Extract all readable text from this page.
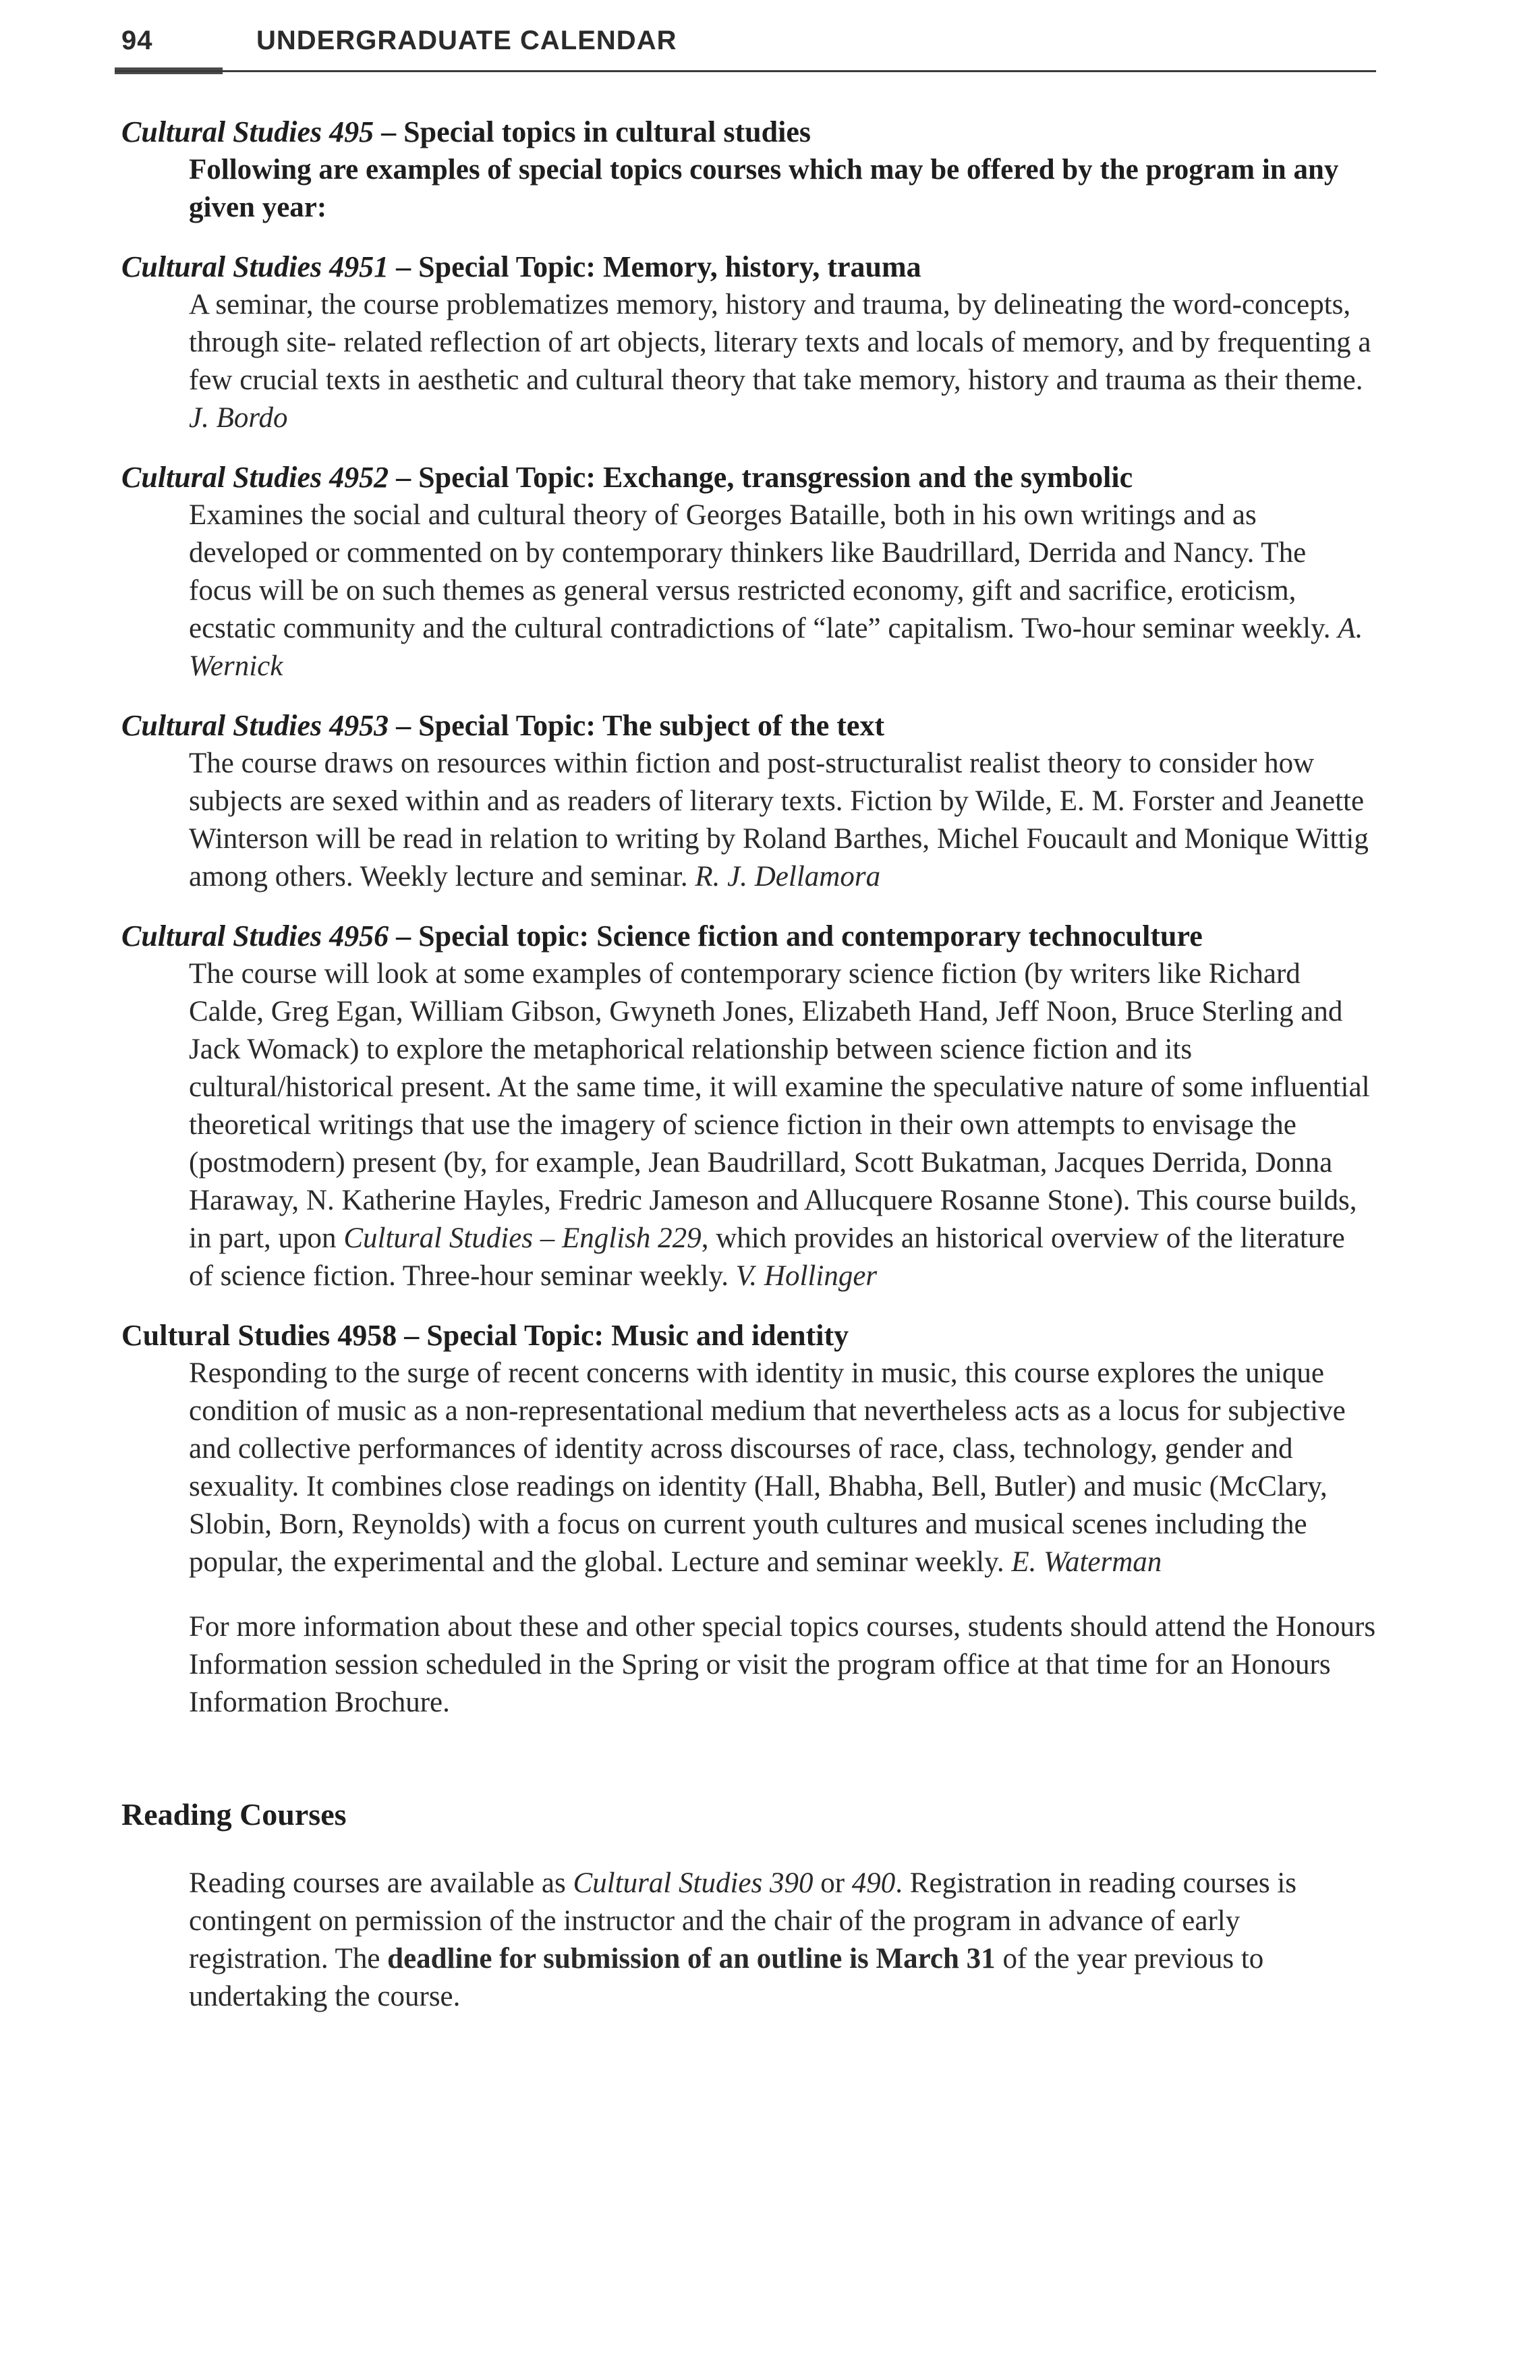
94	UNDERGRADUATE CALENDAR
Cultural Studies 495 – Special topics in cultural studies
Following are examples of special topics courses which may be offered by the program in any given year:
Cultural Studies 4951 – Special Topic: Memory, history, trauma
A seminar, the course problematizes memory, history and trauma, by delineating the word-concepts, through site- related reflection of art objects, literary texts and locals of memory, and by frequenting a few crucial texts in aesthetic and cultural theory that take memory, history and trauma as their theme. J. Bordo
Cultural Studies 4952 – Special Topic: Exchange, transgression and the symbolic
Examines the social and cultural theory of Georges Bataille, both in his own writings and as developed or commented on by contemporary thinkers like Baudrillard, Derrida and Nancy. The focus will be on such themes as general versus restricted economy, gift and sacrifice, eroticism, ecstatic community and the cultural contradictions of “late” capitalism. Two-hour seminar weekly. A. Wernick
Cultural Studies 4953 – Special Topic: The subject of the text
The course draws on resources within fiction and post-structuralist realist theory to consider how subjects are sexed within and as readers of literary texts. Fiction by Wilde, E. M. Forster and Jeanette Winterson will be read in relation to writing by Roland Barthes, Michel Foucault and Monique Wittig among others. Weekly lecture and seminar. R. J. Dellamora
Cultural Studies 4956 – Special topic: Science fiction and contemporary technoculture
The course will look at some examples of contemporary science fiction (by writers like Richard Calde, Greg Egan, William Gibson, Gwyneth Jones, Elizabeth Hand, Jeff Noon, Bruce Sterling and Jack Womack) to explore the metaphorical relationship between science fiction and its cultural/historical present. At the same time, it will examine the speculative nature of some influential theoretical writings that use the imagery of science fiction in their own attempts to envisage the (postmodern) present (by, for example, Jean Baudrillard, Scott Bukatman, Jacques Derrida, Donna Haraway, N. Katherine Hayles, Fredric Jameson and Allucquere Rosanne Stone). This course builds, in part, upon Cultural Studies – English 229, which provides an historical overview of the literature of science fiction. Three-hour seminar weekly. V. Hollinger
Cultural Studies 4958 – Special Topic: Music and identity
Responding to the surge of recent concerns with identity in music, this course explores the unique condition of music as a non-representational medium that nevertheless acts as a locus for subjective and collective performances of identity across discourses of race, class, technology, gender and sexuality. It combines close readings on identity (Hall, Bhabha, Bell, Butler) and music (McClary, Slobin, Born, Reynolds) with a focus on current youth cultures and musical scenes including the popular, the experimental and the global. Lecture and seminar weekly. E. Waterman
For more information about these and other special topics courses, students should attend the Honours Information session scheduled in the Spring or visit the program office at that time for an Honours Information Brochure.
Reading Courses
Reading courses are available as Cultural Studies 390 or 490. Registration in reading courses is contingent on permission of the instructor and the chair of the program in advance of early registration. The deadline for submission of an outline is March 31 of the year previous to undertaking the course.
